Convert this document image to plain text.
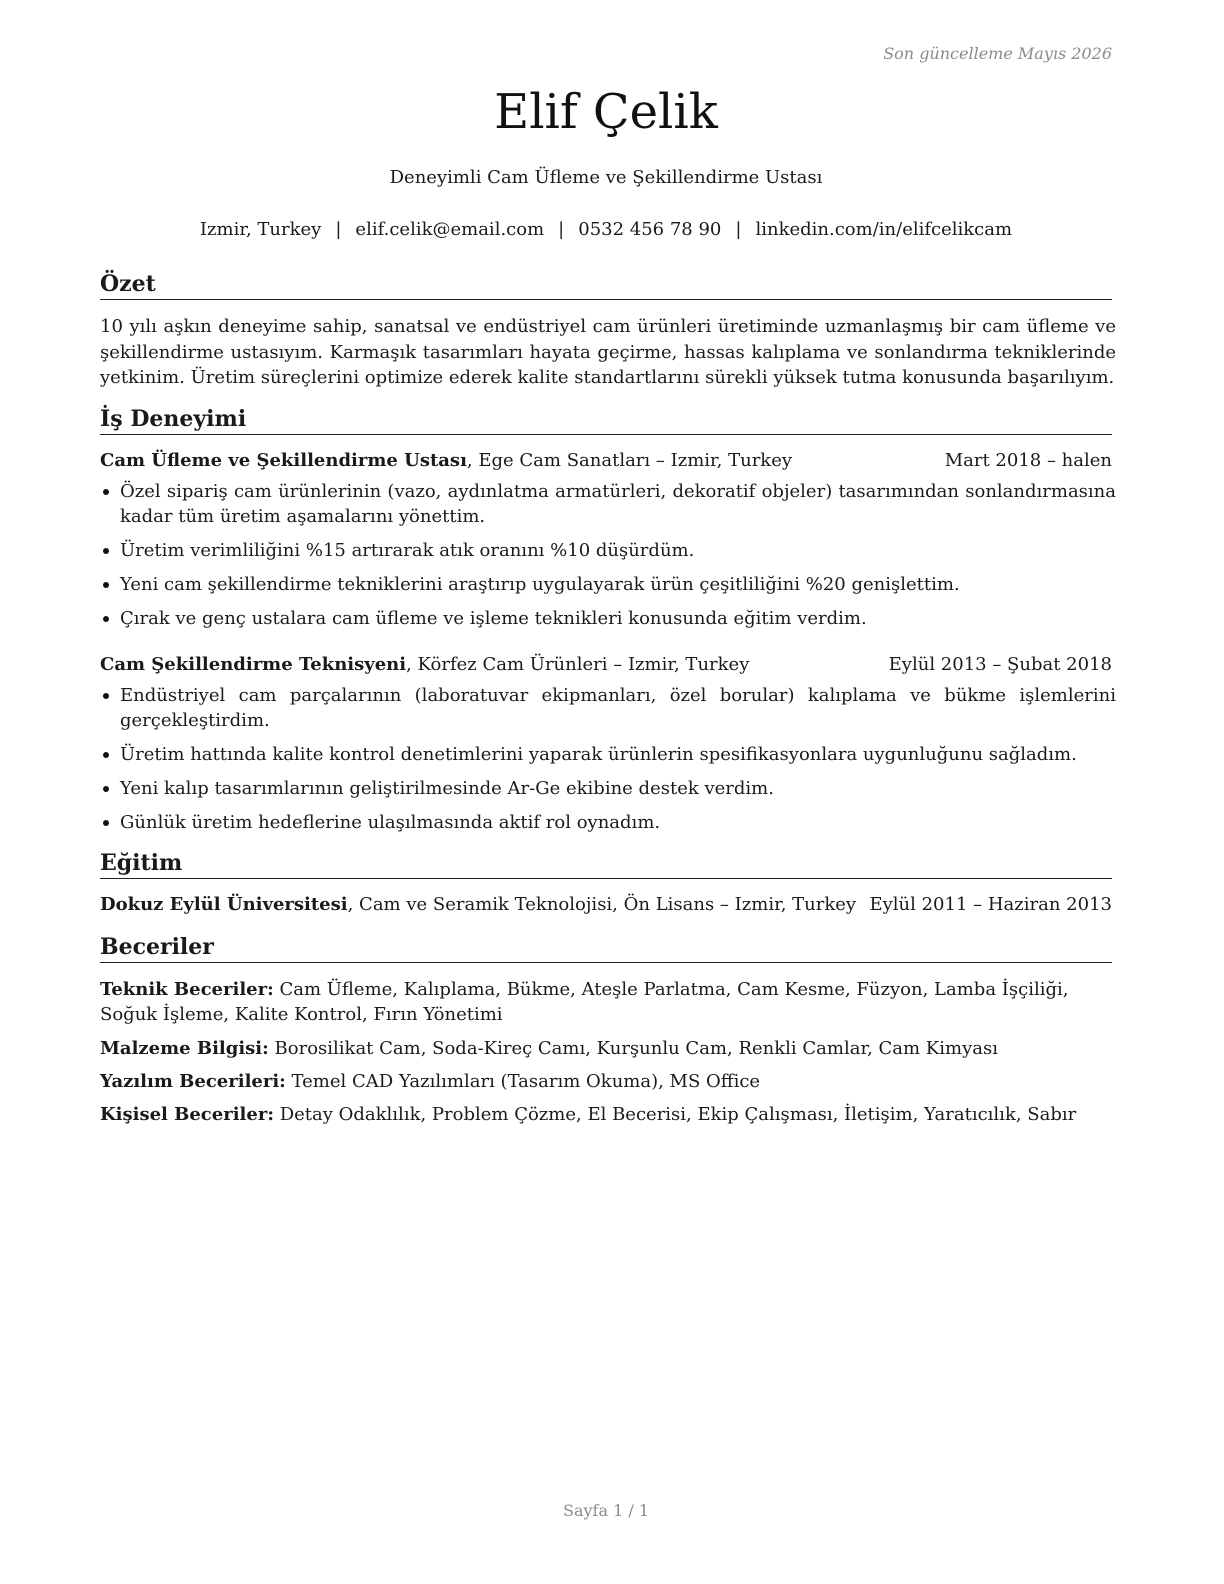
Son güncelleme Mayıs 2026
Elif Çelik

Deneyimli Cam Üfleme ve Şekillendirme Ustası

Izmir, Turkey | elif.celik@email.com | 0532 456 78 90 | linkedin.com/in/elifcelikcam

Özet

10 yılı aşkın deneyime sahip, sanatsal ve endüstriyel cam ürünleri üretiminde uzmanlaşmış bir cam üfleme ve şekillendirme ustasıyım. Karmaşık tasarımları hayata geçirme, hassas kalıplama ve sonlandırma tekniklerinde yetkinim. Üretim süreçlerini optimize ederek kalite standartlarını sürekli yüksek tutma konusunda başarılıyım.

İş Deneyimi
Cam Üfleme ve Şekillendirme Ustası, Ege Cam Sanatları – Izmir, Turkey	Mart 2018 – halen
Özel sipariş cam ürünlerinin (vazo, aydınlatma armatürleri, dekoratif objeler) tasarımından sonlandırmasına kadar tüm üretim aşamalarını yönettim.
Üretim verimliliğini %15 artırarak atık oranını %10 düşürdüm.
Yeni cam şekillendirme tekniklerini araştırıp uygulayarak ürün çeşitliliğini %20 genişlettim.
Çırak ve genç ustalara cam üfleme ve işleme teknikleri konusunda eğitim verdim.
Cam Şekillendirme Teknisyeni, Körfez Cam Ürünleri – Izmir, Turkey	Eylül 2013 – Şubat 2018
Endüstriyel cam parçalarının (laboratuvar ekipmanları, özel borular) kalıplama ve bükme işlemlerini gerçekleştirdim.
Üretim hattında kalite kontrol denetimlerini yaparak ürünlerin spesifikasyonlara uygunluğunu sağladım.
Yeni kalıp tasarımlarının geliştirilmesinde Ar-Ge ekibine destek verdim.
Günlük üretim hedeflerine ulaşılmasında aktif rol oynadım.
Eğitim
Dokuz Eylül Üniversitesi, Cam ve Seramik Teknolojisi, Ön Lisans – Izmir, Turkey Eylül 2011 – Haziran 2013
Beceriler

Teknik Beceriler: Cam Üfleme, Kalıplama, Bükme, Ateşle Parlatma, Cam Kesme, Füzyon, Lamba İşçiliği, Soğuk İşleme, Kalite Kontrol, Fırın Yönetimi

Malzeme Bilgisi: Borosilikat Cam, Soda-Kireç Camı, Kurşunlu Cam, Renkli Camlar, Cam Kimyası

Yazılım Becerileri: Temel CAD Yazılımları (Tasarım Okuma), MS Office

Kişisel Beceriler: Detay Odaklılık, Problem Çözme, El Becerisi, Ekip Çalışması, İletişim, Yaratıcılık, Sabır

Sayfa 1 / 1
